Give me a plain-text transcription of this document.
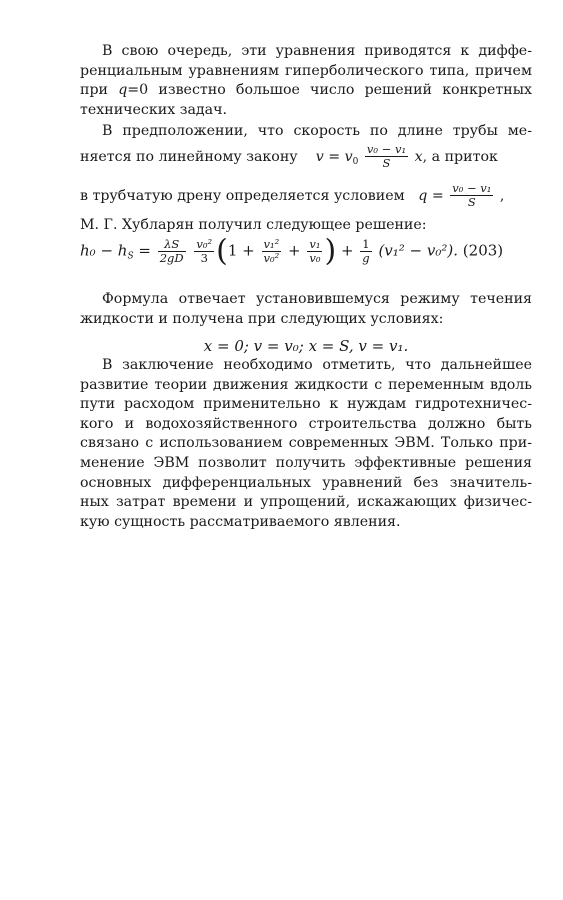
В свою очередь, эти уравнения приводятся к диффе-
ренциальным уравнениям гиперболического типа, причем
при q=0 известно большое число решений конкретных
технических задач.
В предположении, что скорость по длине трубы ме-
няется по линейному закону $v = v_0 \frac{\text{v₀ − v₁}}{S} x$, а приток
в трубчатую дрену определяется условием $q = \frac{\text{v₀ − v₁}}{S}$ ,
М. Г. Хубларян получил следующее решение:
$h_0 - h_S = \frac{\lambda S}{2gD}$
$\frac{\text{v₀²}}{3} (1 + \frac{\text{v₁²}}{\text{v₀²}} + \frac{\text{v₁}}{\text{v₀}}$ ) + $\frac{1}{g} (v_1^2 - v_0^2)$. (203)
Формула отвечает установившемуся режиму течения
жидкости и получена при следующих условиях:
x = 0; v = v₀; x = S, v = v₁.
В заключение необходимо отметить, что дальнейшее
развитие теории движения жидкости с переменным вдоль
пути расходом применительно к нуждам гидротехничес-
кого и водохозяйственного строительства должно быть
связано с использованием современных ЭВМ. Только при-
менение ЭВМ позволит получить эффективные решения
основных дифференциальных уравнений без значитель-
ных затрат времени и упрощений, искажающих физичес-
кую сущность рассматриваемого явления.
